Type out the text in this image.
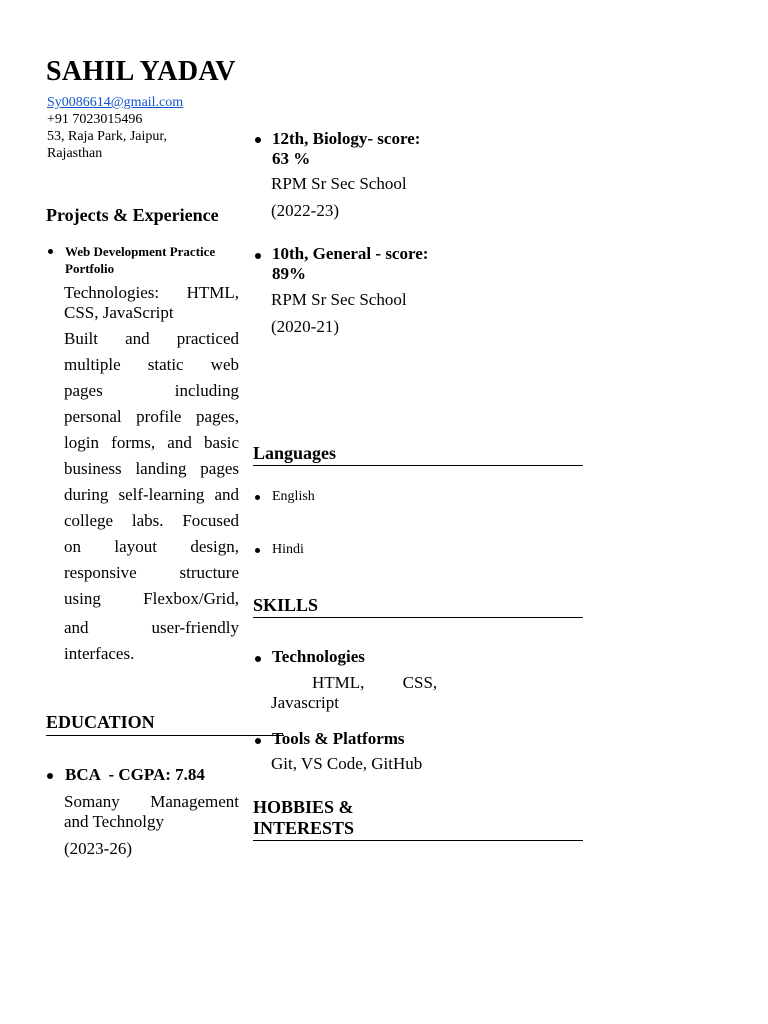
SAHIL YADAV
Sy0086614@gmail.com
+91 7023015496
53, Raja Park, Jaipur, Rajasthan
Projects & Experience
Web Development Practice Portfolio
Technologies: HTML,
CSS, JavaScript
Built and practiced
multiple static web
pages including
personal profile pages,
login forms, and basic
business landing pages
during self-learning and
college labs. Focused
on layout design,
responsive structure
using Flexbox/Grid,
and user-friendly
interfaces.
EDUCATION
BCA  - CGPA: 7.84
Somany Management
and Technolgy
(2023-26)
12th, Biology- score:
63 %
RPM Sr Sec School
(2022-23)
10th, General - score:
89%
RPM Sr Sec School
(2020-21)
Languages
English
Hindi
SKILLS
Technologies
HTML, CSS,
Javascript
Tools & Platforms
Git, VS Code, GitHub
HOBBIES &
INTERESTS
